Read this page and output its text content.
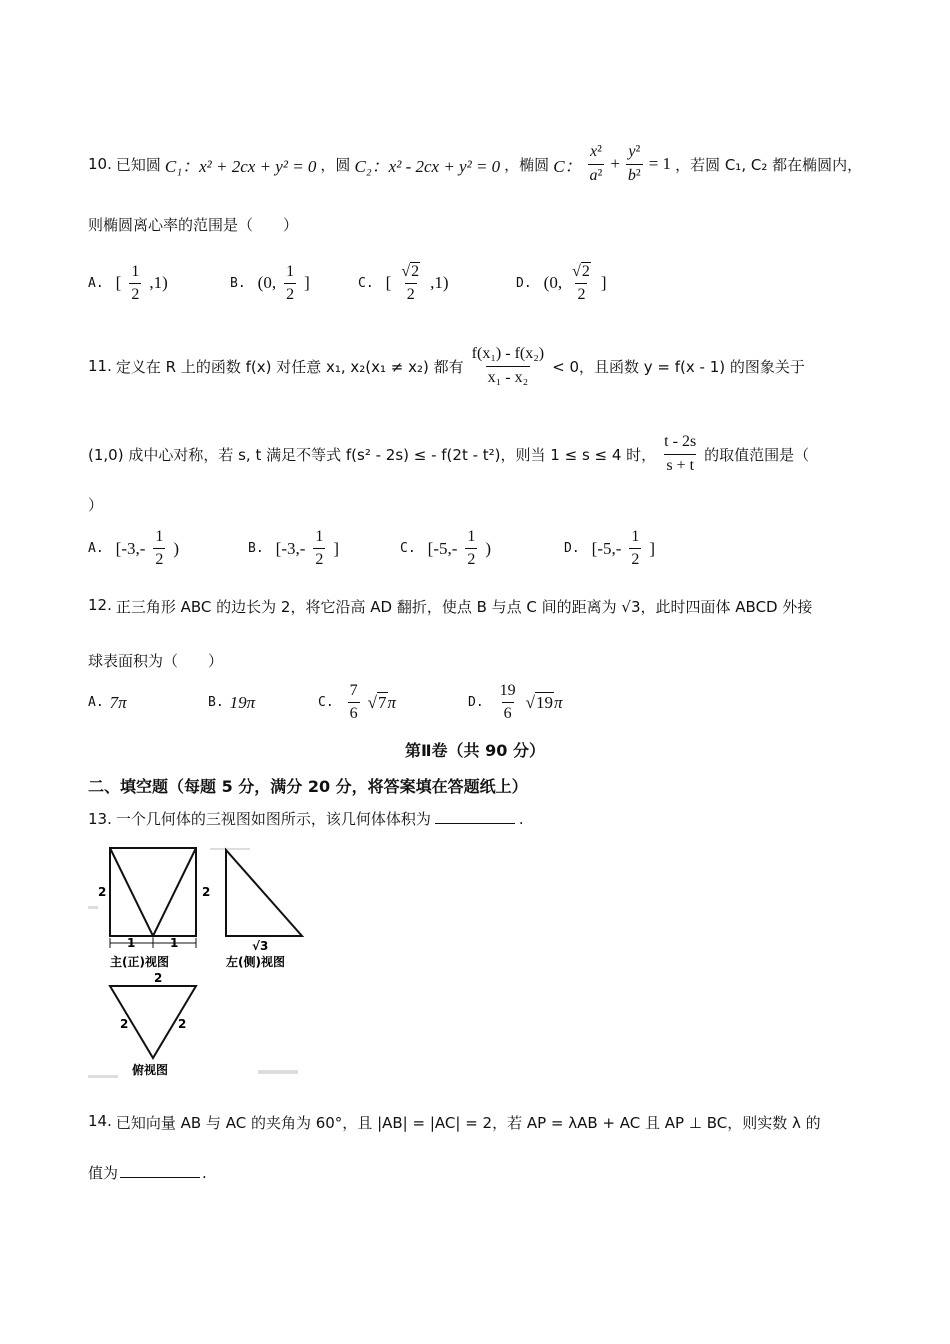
10. 已知圆 C₁：x² + 2cx + y² = 0 ，圆 C₂：x² - 2cx + y² = 0 ，椭圆 C： $\frac{\text{x²}}{\text{a²}} + \frac{\text{y²}}{\text{b²}} = 1$ ，若圆 C₁, C₂ 都在椭圆内，
则椭圆离心率的范围是（　　）
A. [ $\frac{1}{2} ,1$)	B. (0, $\frac{1}{2}$ ]	C. [ $\frac{√2}{2} ,1$)	D. (0, $\frac{√2}{2}$ ]
11. 定义在 R 上的函数 f(x) 对任意 x₁, x₂(x₁ ≠ x₂) 都有 $\frac{\text{f(x₁) - f(x₂)}}{\text{x₁ - x₂}} < 0$，且函数 y = f(x - 1) 的图象关于
(1,0) 成中心对称，若 s, t 满足不等式 f(s² - 2s) ≤ - f(2t - t²)，则当 1 ≤ s ≤ 4 时， $\frac{t - 2s}{s + t}$ 的取值范围是（
）
A. [$-3,- \frac{1}{2}$ )	B. [$-3,- \frac{1}{2}$ ]	C. [$-5,- \frac{1}{2}$ )	D. [$-5,- \frac{1}{2}$ ]
12. 正三角形 ABC 的边长为 2，将它沿高 AD 翻折，使点 B 与点 C 间的距离为 √3，此时四面体 ABCD 外接
球表面积为（　　）
A. 7π	B. 19π	C. $\frac{7}{6} √7\pi$	D. $\frac{19}{6} √19\pi$
第Ⅱ卷（共 90 分）
二、填空题（每题 5 分，满分 20 分，将答案填在答题纸上）
13. 一个几何体的三视图如图所示，该几何体体积为	.
2	2
1	1
主(正)视图
√3
左(侧)视图
2
2	2
俯视图
14. 已知向量 AB 与 AC 的夹角为 60°，且 |AB| = |AC| = 2，若 AP = λAB + AC 且 AP ⊥ BC，则实数 λ 的
值为	.
